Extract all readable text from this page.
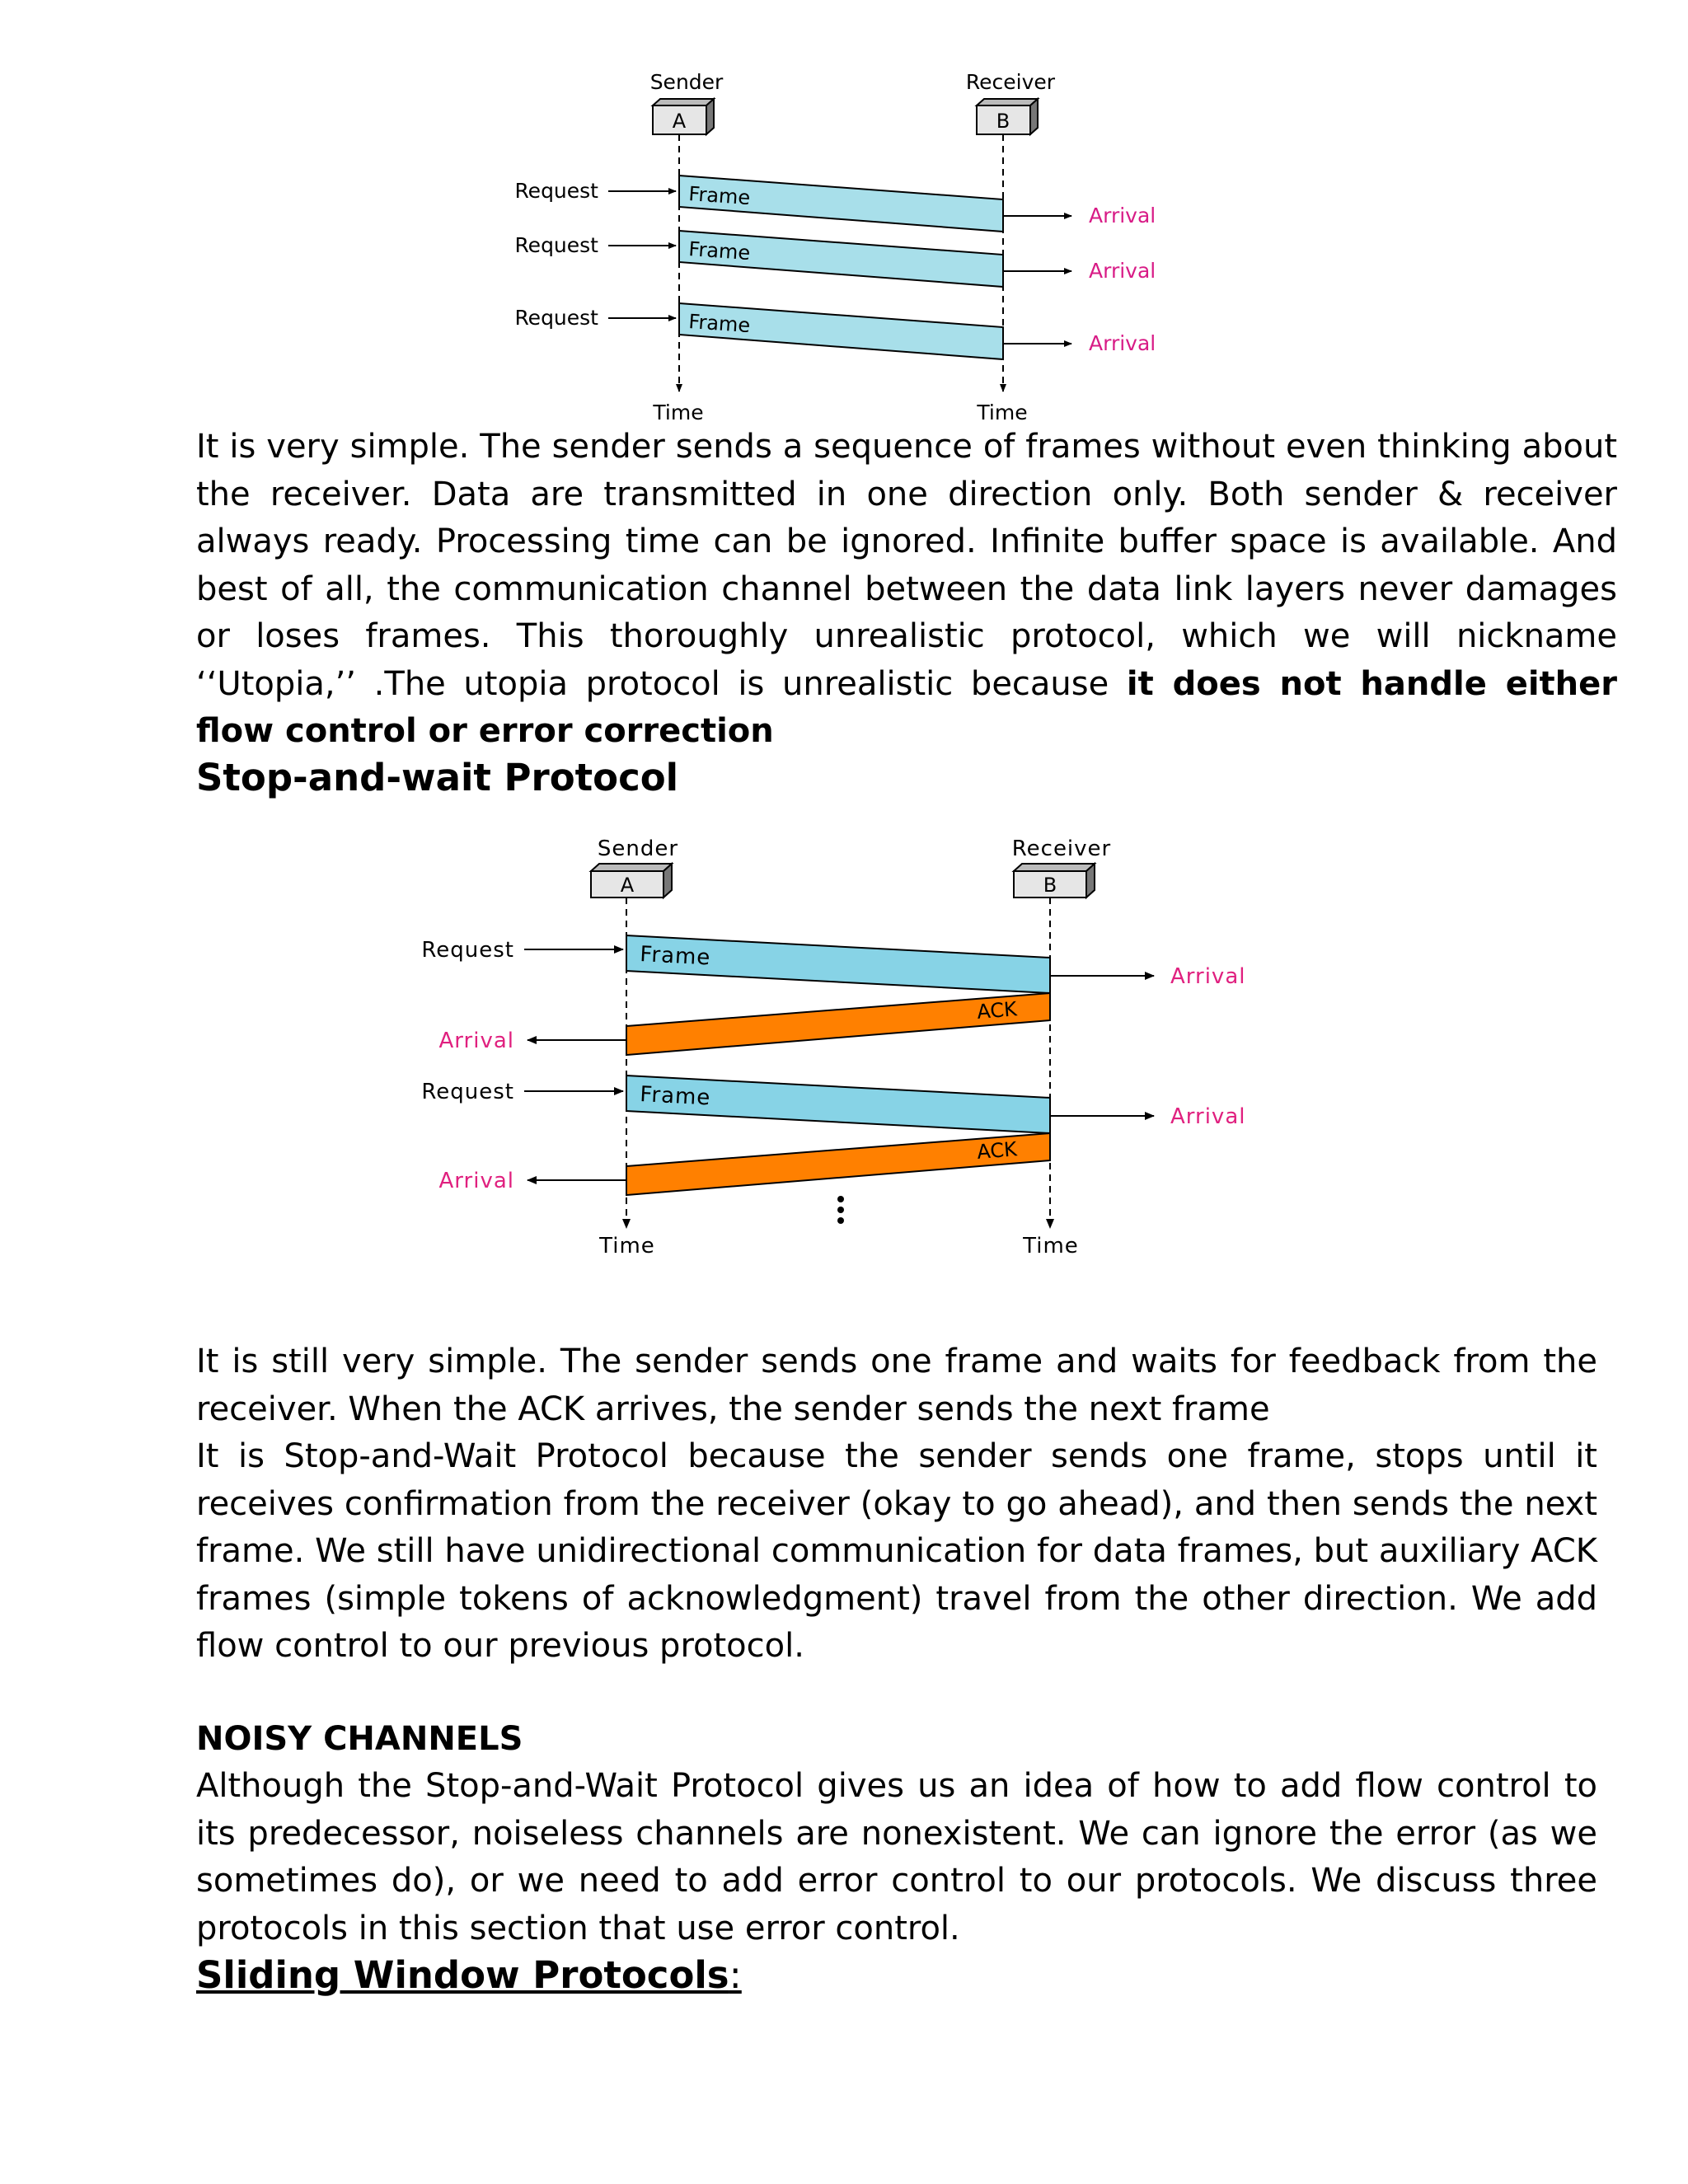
Sender	Receiver
A	B
Frame
Frame
Frame
Request
Request
Request
Arrival
Arrival
Arrival
Time	Time

It is very simple. The sender sends a sequence of frames without even thinking about the receiver. Data are transmitted in one direction only. Both sender & receiver always ready. Processing time can be ignored. Infinite buffer space is available. And best of all, the communication channel between the data link layers never damages or loses frames. This thoroughly unrealistic protocol, which we will nickname ‘‘Utopia,’’ .The utopia protocol is unrealistic because it does not handle either flow control or error correction

Stop-and-wait Protocol
Sender	Receiver
A	B
Frame
Frame
ACK
ACK
Request
Request
Arrival
Arrival
Arrival
Arrival
Time	Time

It is still very simple. The sender sends one frame and waits for feedback from the receiver. When the ACK arrives, the sender sends the next frame

It is Stop-and-Wait Protocol because the sender sends one frame, stops until it receives confirmation from the receiver (okay to go ahead), and then sends the next frame. We still have unidirectional communication for data frames, but auxiliary ACK frames (simple tokens of acknowledgment) travel from the other direction. We add flow control to our previous protocol.

NOISY CHANNELS

Although the Stop-and-Wait Protocol gives us an idea of how to add flow control to its predecessor, noiseless channels are nonexistent. We can ignore the error (as we sometimes do), or we need to add error control to our protocols. We discuss three protocols in this section that use error control.

Sliding Window Protocols:
